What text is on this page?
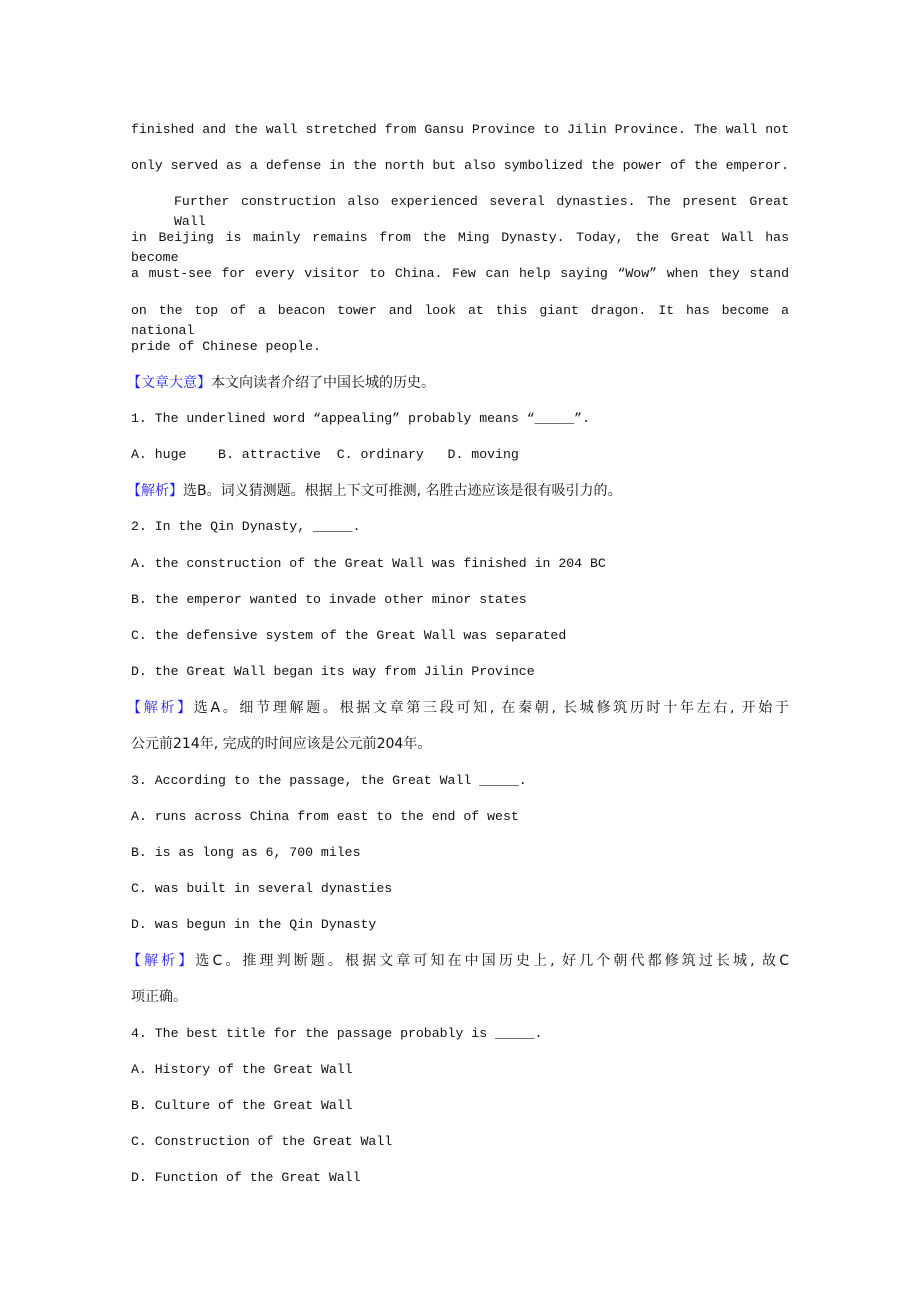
finished and the wall stretched from Gansu Province to Jilin Province. The wall not
only served as a defense in the north but also symbolized the power of the emperor.
Further construction also experienced several dynasties. The present Great Wall
in Beijing is mainly remains from the Ming Dynasty. Today, the Great Wall has become
a must-see for every visitor to China. Few can help saying “Wow” when they stand
on the top of a beacon tower and look at this giant dragon. It has become a national
pride of Chinese people.
【文章大意】本文向读者介绍了中国长城的历史。
1. The underlined word “appealing” probably means “_____”.
A. huge    B. attractive  C. ordinary   D. moving
【解析】选B。词义猜测题。根据上下文可推测, 名胜古迹应该是很有吸引力的。
2. In the Qin Dynasty, _____.
A. the construction of the Great Wall was finished in 204 BC
B. the emperor wanted to invade other minor states
C. the defensive system of the Great Wall was separated
D. the Great Wall began its way from Jilin Province
【解析】选A。细节理解题。根据文章第三段可知, 在秦朝, 长城修筑历时十年左右, 开始于
公元前214年, 完成的时间应该是公元前204年。
3. According to the passage, the Great Wall _____.
A. runs across China from east to the end of west
B. is as long as 6, 700 miles
C. was built in several dynasties
D. was begun in the Qin Dynasty
【解析】选C。推理判断题。根据文章可知在中国历史上, 好几个朝代都修筑过长城, 故C
项正确。
4. The best title for the passage probably is _____.
A. History of the Great Wall
B. Culture of the Great Wall
C. Construction of the Great Wall
D. Function of the Great Wall
